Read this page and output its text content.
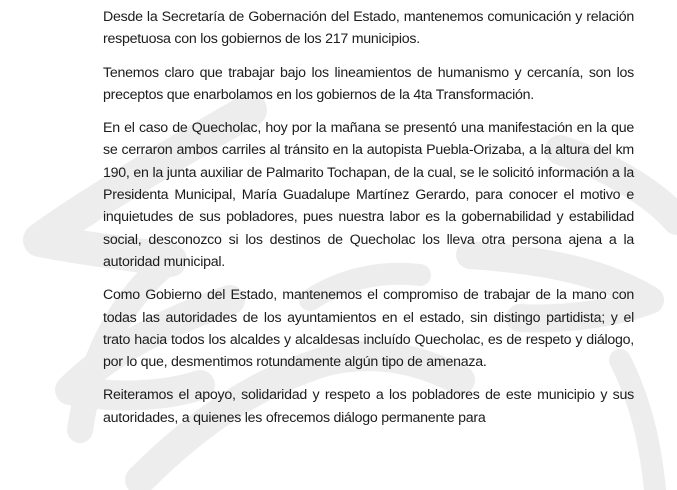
Desde la Secretaría de Gobernación del Estado, mantenemos comunicación y relación respetuosa con los gobiernos de los 217 municipios.

Tenemos claro que trabajar bajo los lineamientos de humanismo y cercanía, son los preceptos que enarbolamos en los gobiernos de la 4ta Transformación.

En el caso de Quecholac, hoy por la mañana se presentó una manifestación en la que se cerraron ambos carriles al tránsito en la autopista Puebla-Orizaba, a la altura del km 190, en la junta auxiliar de Palmarito Tochapan, de la cual, se le solicitó información a la Presidenta Municipal, María Guadalupe Martínez Gerardo, para conocer el motivo e inquietudes de sus pobladores, pues nuestra labor es la gobernabilidad y estabilidad social, desconozco si los destinos de Quecholac los lleva otra persona ajena a la autoridad municipal.

Como Gobierno del Estado, mantenemos el compromiso de trabajar de la mano con todas las autoridades de los ayuntamientos en el estado, sin distingo partidista; y el trato hacia todos los alcaldes y alcaldesas incluído Quecholac, es de respeto y diálogo, por lo que, desmentimos rotundamente algún tipo de amenaza.

Reiteramos el apoyo, solidaridad y respeto a los pobladores de este municipio y sus autoridades, a quienes les ofrecemos diálogo permanente para
